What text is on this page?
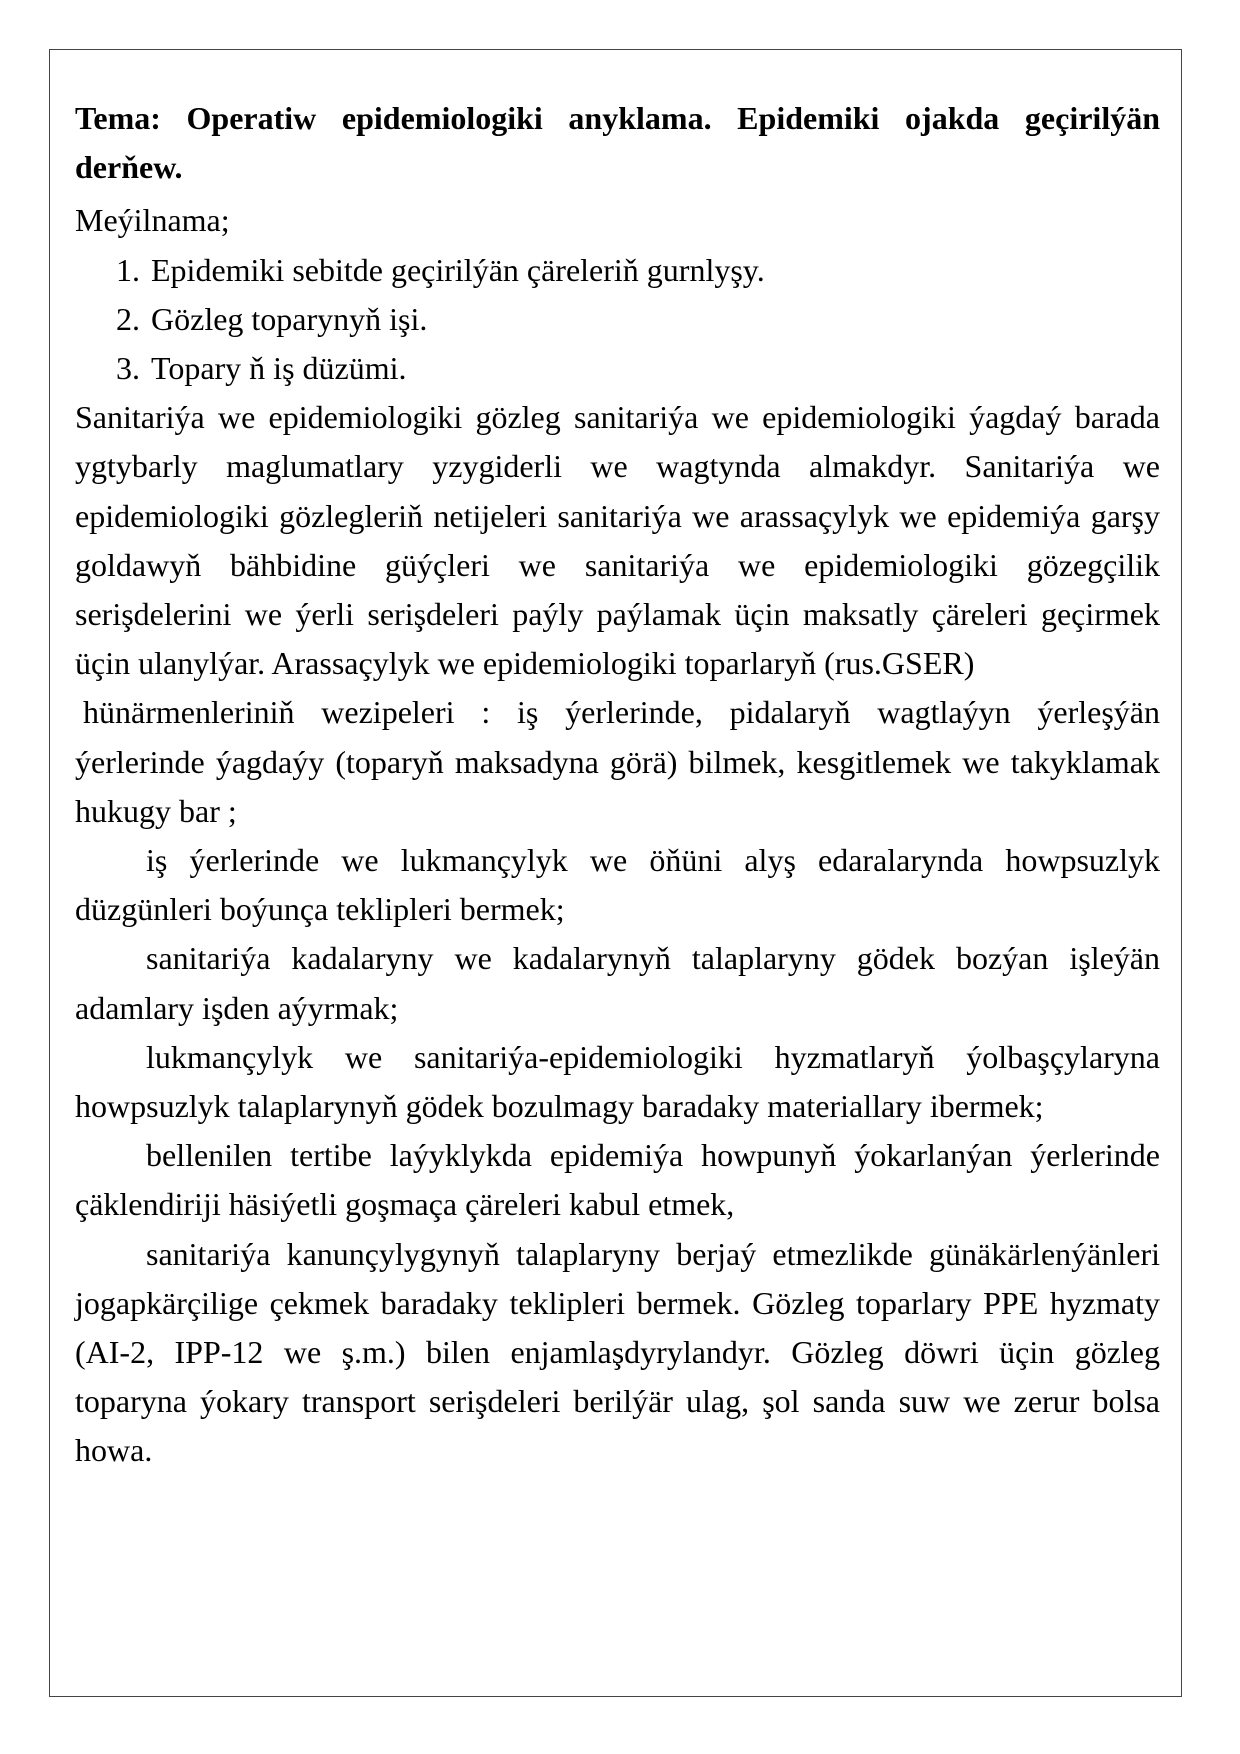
Tema: Operatiw epidemiologiki anyklama. Epidemiki ojakda geçirilýän derňew.

Meýilnama;

1. Epidemiki sebitde geçirilýän çäreleriň gurnlyşy.
2. Gözleg toparynyň işi.
3. Topary ň iş düzümi.

Sanitariýa we epidemiologiki gözleg sanitariýa we epidemiologiki ýagdaý barada ygtybarly maglumatlary yzygiderli we wagtynda almakdyr. Sanitariýa we epidemiologiki gözlegleriň netijeleri sanitariýa we arassaçylyk we epidemiýa garşy goldawyň bähbidine güýçleri we sanitariýa we epidemiologiki gözegçilik serişdelerini we ýerli serişdeleri paýly paýlamak üçin maksatly çäreleri geçirmek üçin ulanylýar. Arassaçylyk we epidemiologiki toparlaryň (rus.GSER)

hünärmenleriniň wezipeleri : iş ýerlerinde, pidalaryň wagtlaýyn ýerleşýän ýerlerinde ýagdaýy (toparyň maksadyna görä) bilmek, kesgitlemek we takyklamak hukugy bar ;

iş ýerlerinde we lukmançylyk we öňüni alyş edaralarynda howpsuzlyk düzgünleri boýunça teklipleri bermek;

sanitariýa kadalaryny we kadalarynyň talaplaryny gödek bozýan işleýän adamlary işden aýyrmak;

lukmançylyk we sanitariýa-epidemiologiki hyzmatlaryň ýolbaşçylaryna howpsuzlyk talaplarynyň gödek bozulmagy baradaky materiallary ibermek;

bellenilen tertibe laýyklykda epidemiýa howpunyň ýokarlanýan ýerlerinde çäklendiriji häsiýetli goşmaça çäreleri kabul etmek,

sanitariýa kanunçylygynyň talaplaryny berjaý etmezlikde günäkärlenýänleri jogapkärçilige çekmek baradaky teklipleri bermek. Gözleg toparlary PPE hyzmaty (AI-2, IPP-12 we ş.m.) bilen enjamlaşdyrylandyr. Gözleg döwri üçin gözleg toparyna ýokary transport serişdeleri berilýär ulag, şol sanda suw we zerur bolsa howa.
